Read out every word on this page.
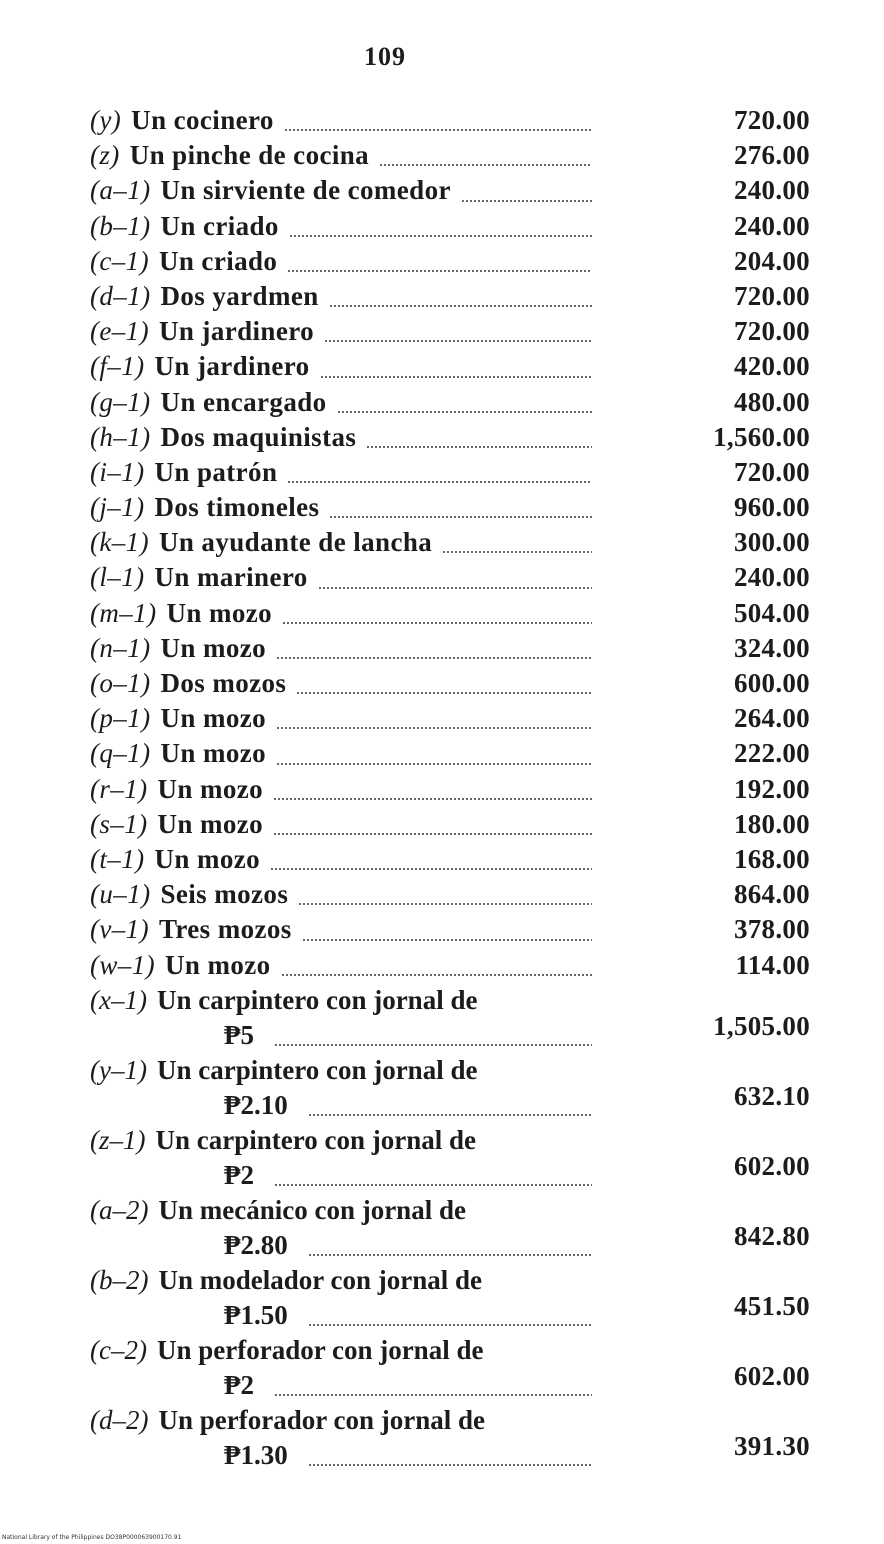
109
(y) Un cocinero	720.00
(z) Un pinche de cocina	276.00
(a–1) Un sirviente de comedor	240.00
(b–1) Un criado	240.00
(c–1) Un criado	204.00
(d–1) Dos yardmen	720.00
(e–1) Un jardinero	720.00
(f–1) Un jardinero	420.00
(g–1) Un encargado	480.00
(h–1) Dos maquinistas	1,560.00
(i–1) Un patrón	720.00
(j–1) Dos timoneles	960.00
(k–1) Un ayudante de lancha	300.00
(l–1) Un marinero	240.00
(m–1) Un mozo	504.00
(n–1) Un mozo	324.00
(o–1) Dos mozos	600.00
(p–1) Un mozo	264.00
(q–1) Un mozo	222.00
(r–1) Un mozo	192.00
(s–1) Un mozo	180.00
(t–1) Un mozo	168.00
(u–1) Seis mozos	864.00
(v–1) Tres mozos	378.00
(w–1) Un mozo	114.00
(x–1) Un carpintero con jornal de
₱5	1,505.00
(y–1) Un carpintero con jornal de
₱2.10	632.10
(z–1) Un carpintero con jornal de
₱2	602.00
(a–2) Un mecánico con jornal de
₱2.80	842.80
(b–2) Un modelador con jornal de
₱1.50	451.50
(c–2) Un perforador con jornal de
₱2	602.00
(d–2) Un perforador con jornal de
₱1.30	391.30
National Library of the Philippines DO38P000063900170.91
